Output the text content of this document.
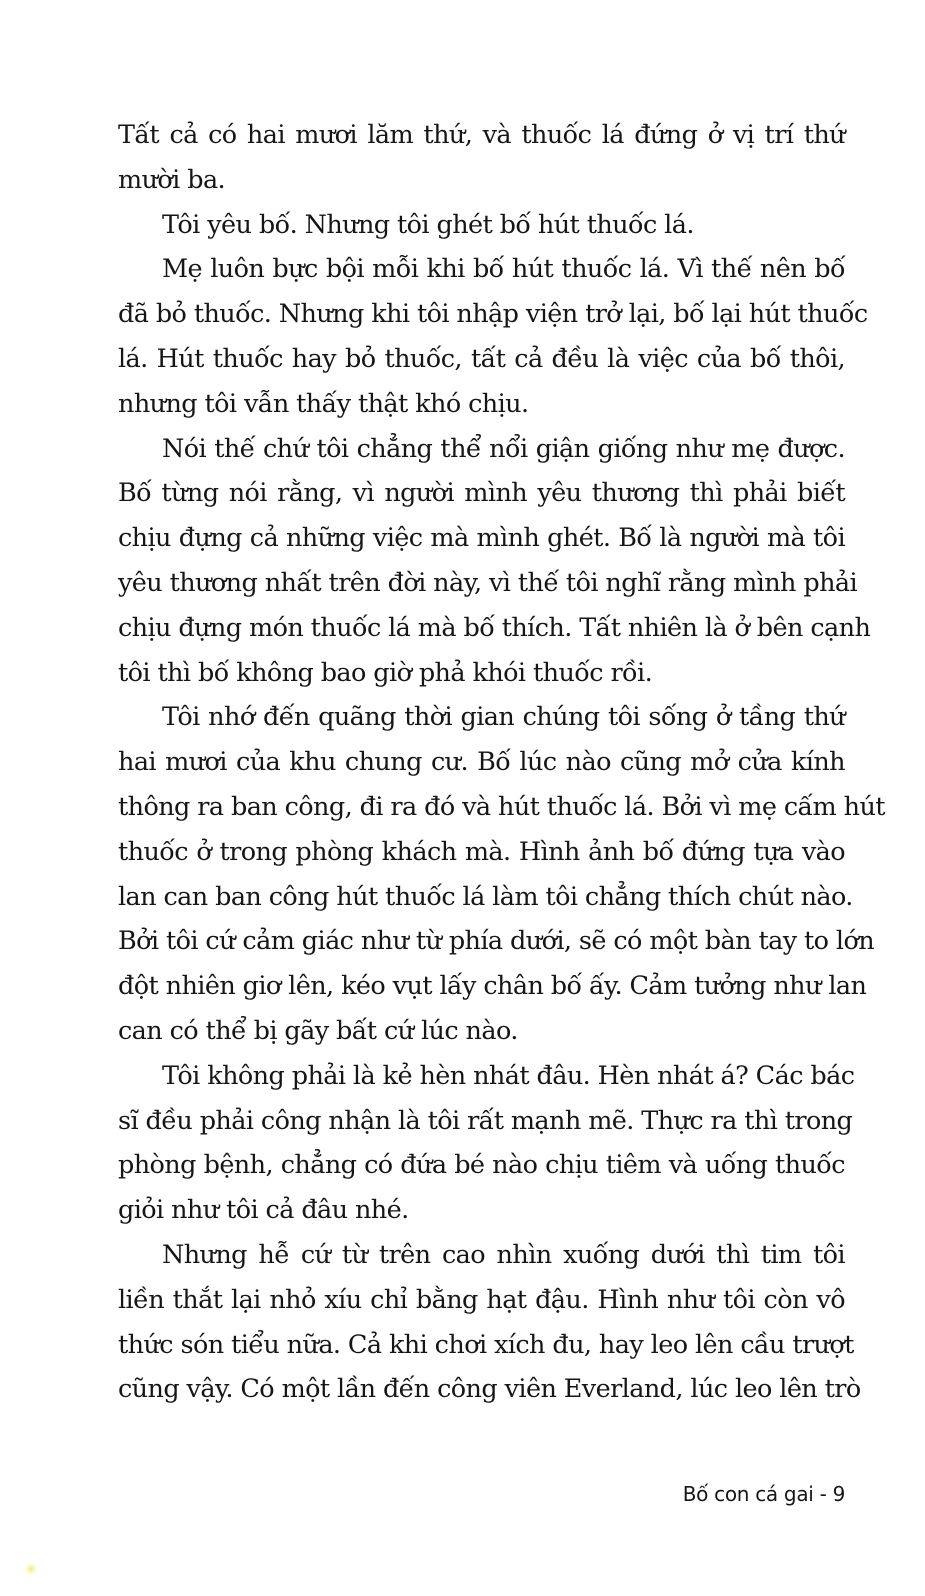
Tất cả có hai mươi lăm thứ, và thuốc lá đứng ở vị trí thứ
mười ba.
Tôi yêu bố. Nhưng tôi ghét bố hút thuốc lá.
Mẹ luôn bực bội mỗi khi bố hút thuốc lá. Vì thế nên bố
đã bỏ thuốc. Nhưng khi tôi nhập viện trở lại, bố lại hút thuốc
lá. Hút thuốc hay bỏ thuốc, tất cả đều là việc của bố thôi,
nhưng tôi vẫn thấy thật khó chịu.
Nói thế chứ tôi chẳng thể nổi giận giống như mẹ được.
Bố từng nói rằng, vì người mình yêu thương thì phải biết
chịu đựng cả những việc mà mình ghét. Bố là người mà tôi
yêu thương nhất trên đời này, vì thế tôi nghĩ rằng mình phải
chịu đựng món thuốc lá mà bố thích. Tất nhiên là ở bên cạnh
tôi thì bố không bao giờ phả khói thuốc rồi.
Tôi nhớ đến quãng thời gian chúng tôi sống ở tầng thứ
hai mươi của khu chung cư. Bố lúc nào cũng mở cửa kính
thông ra ban công, đi ra đó và hút thuốc lá. Bởi vì mẹ cấm hút
thuốc ở trong phòng khách mà. Hình ảnh bố đứng tựa vào
lan can ban công hút thuốc lá làm tôi chẳng thích chút nào.
Bởi tôi cứ cảm giác như từ phía dưới, sẽ có một bàn tay to lớn
đột nhiên giơ lên, kéo vụt lấy chân bố ấy. Cảm tưởng như lan
can có thể bị gãy bất cứ lúc nào.
Tôi không phải là kẻ hèn nhát đâu. Hèn nhát á? Các bác
sĩ đều phải công nhận là tôi rất mạnh mẽ. Thực ra thì trong
phòng bệnh, chẳng có đứa bé nào chịu tiêm và uống thuốc
giỏi như tôi cả đâu nhé.
Nhưng hễ cứ từ trên cao nhìn xuống dưới thì tim tôi
liền thắt lại nhỏ xíu chỉ bằng hạt đậu. Hình như tôi còn vô
thức són tiểu nữa. Cả khi chơi xích đu, hay leo lên cầu trượt
cũng vậy. Có một lần đến công viên Everland, lúc leo lên trò
Bố con cá gai - 9
